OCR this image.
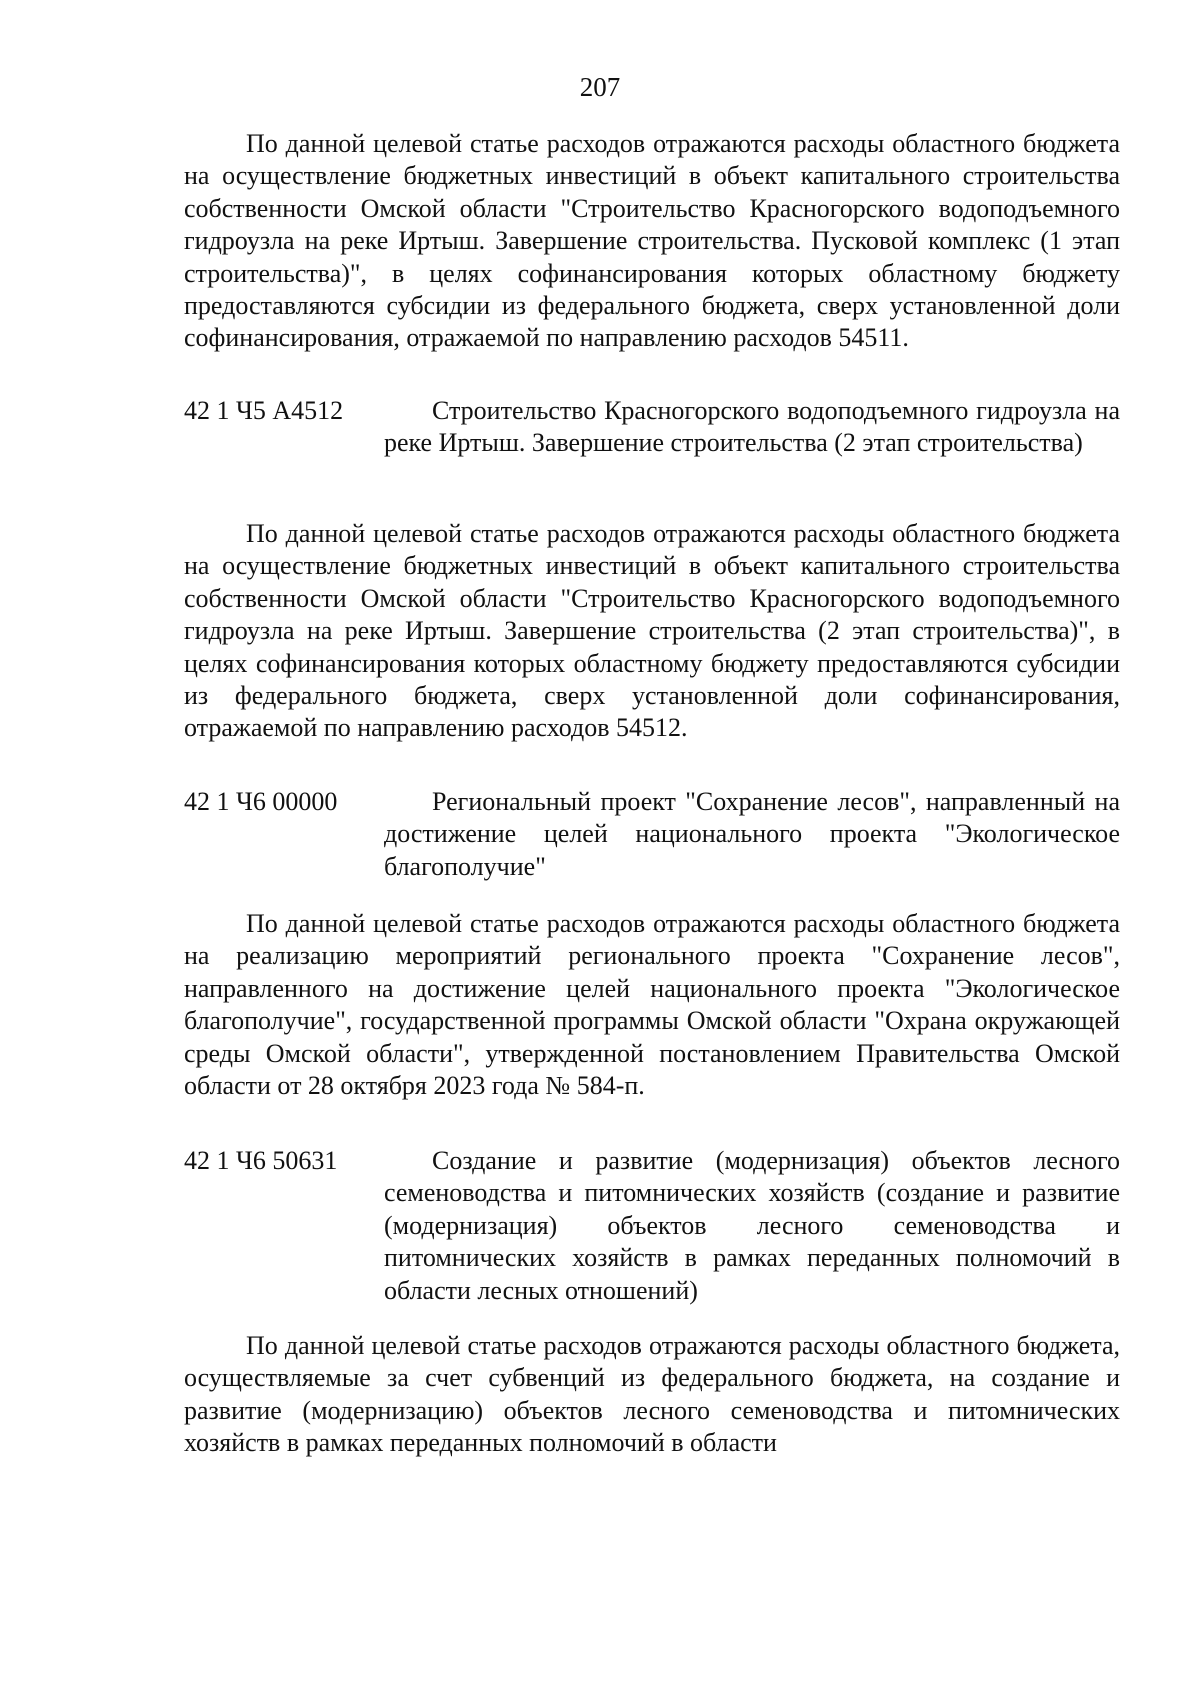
207

По данной целевой статье расходов отражаются расходы областного бюджета на осуществление бюджетных инвестиций в объект капитального строительства собственности Омской области "Строительство Красногорского водоподъемного гидроузла на реке Иртыш. Завершение строительства. Пусковой комплекс (1 этап строительства)", в целях софинансирования которых областному бюджету предоставляются субсидии из федерального бюджета, сверх установленной доли софинансирования, отражаемой по направлению расходов 54511.

42 1 Ч5 А4512	Строительство Красногорского водоподъемного гидроузла на реке Иртыш. Завершение строительства (2 этап строительства)

По данной целевой статье расходов отражаются расходы областного бюджета на осуществление бюджетных инвестиций в объект капитального строительства собственности Омской области "Строительство Красногорского водоподъемного гидроузла на реке Иртыш. Завершение строительства (2 этап строительства)", в целях софинансирования которых областному бюджету предоставляются субсидии из федерального бюджета, сверх установленной доли софинансирования, отражаемой по направлению расходов 54512.

42 1 Ч6 00000	Региональный проект "Сохранение лесов", направленный на достижение целей национального проекта "Экологическое благополучие"

По данной целевой статье расходов отражаются расходы областного бюджета на реализацию мероприятий регионального проекта "Сохранение лесов", направленного на достижение целей национального проекта "Экологическое благополучие", государственной программы Омской области "Охрана окружающей среды Омской области", утвержденной постановлением Правительства Омской области от 28 октября 2023 года № 584-п.

42 1 Ч6 50631	Создание и развитие (модернизация) объектов лесного семеноводства и питомнических хозяйств (создание и развитие (модернизация) объектов лесного семеноводства и питомнических хозяйств в рамках переданных полномочий в области лесных отношений)

По данной целевой статье расходов отражаются расходы областного бюджета, осуществляемые за счет субвенций из федерального бюджета, на создание и развитие (модернизацию) объектов лесного семеноводства и питомнических хозяйств в рамках переданных полномочий в области
